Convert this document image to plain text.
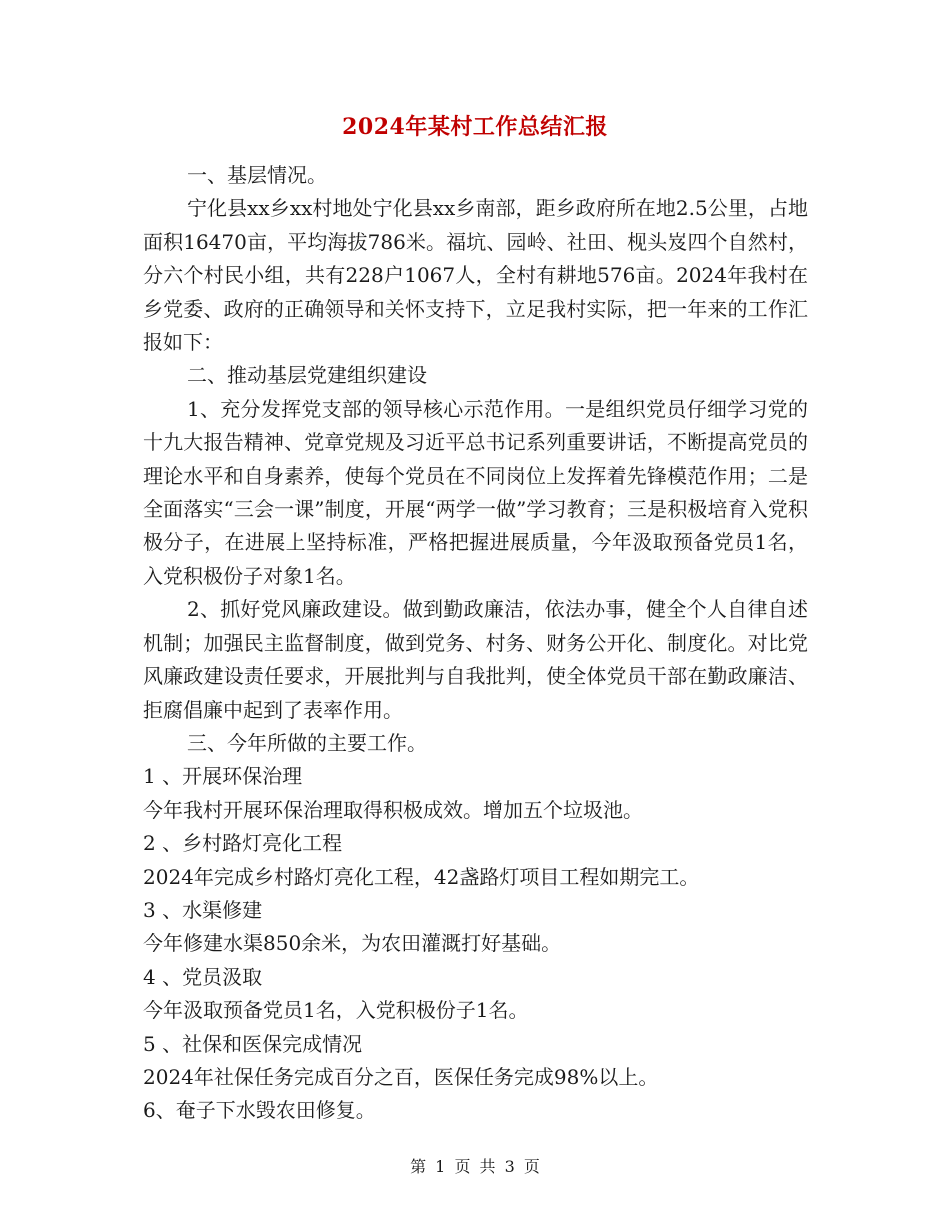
2024年某村工作总结汇报

一、基层情况。

宁化县xx乡xx村地处宁化县xx乡南部，距乡政府所在地2.5公里，占地面积16470亩，平均海拔786米。福坑、园岭、社田、枧头岌四个自然村，分六个村民小组，共有228户1067人，全村有耕地576亩。2024年我村在乡党委、政府的正确领导和关怀支持下，立足我村实际，把一年来的工作汇报如下：

二、推动基层党建组织建设

1、充分发挥党支部的领导核心示范作用。一是组织党员仔细学习党的十九大报告精神、党章党规及习近平总书记系列重要讲话，不断提高党员的理论水平和自身素养，使每个党员在不同岗位上发挥着先锋模范作用；二是全面落实“三会一课”制度，开展“两学一做”学习教育；三是积极培育入党积极分子，在进展上坚持标准，严格把握进展质量，今年汲取预备党员1名，入党积极份子对象1名。

2、抓好党风廉政建设。做到勤政廉洁，依法办事，健全个人自律自述机制；加强民主监督制度，做到党务、村务、财务公开化、制度化。对比党风廉政建设责任要求，开展批判与自我批判，使全体党员干部在勤政廉洁、拒腐倡廉中起到了表率作用。

三、今年所做的主要工作。

1 、开展环保治理

今年我村开展环保治理取得积极成效。增加五个垃圾池。

2 、乡村路灯亮化工程

2024年完成乡村路灯亮化工程，42盏路灯项目工程如期完工。

3 、水渠修建

今年修建水渠850余米，为农田灌溉打好基础。

4 、党员汲取

今年汲取预备党员1名，入党积极份子1名。

5 、社保和医保完成情况

2024年社保任务完成百分之百，医保任务完成98%以上。

6、奄子下水毁农田修复。

第 1 页 共 3 页
